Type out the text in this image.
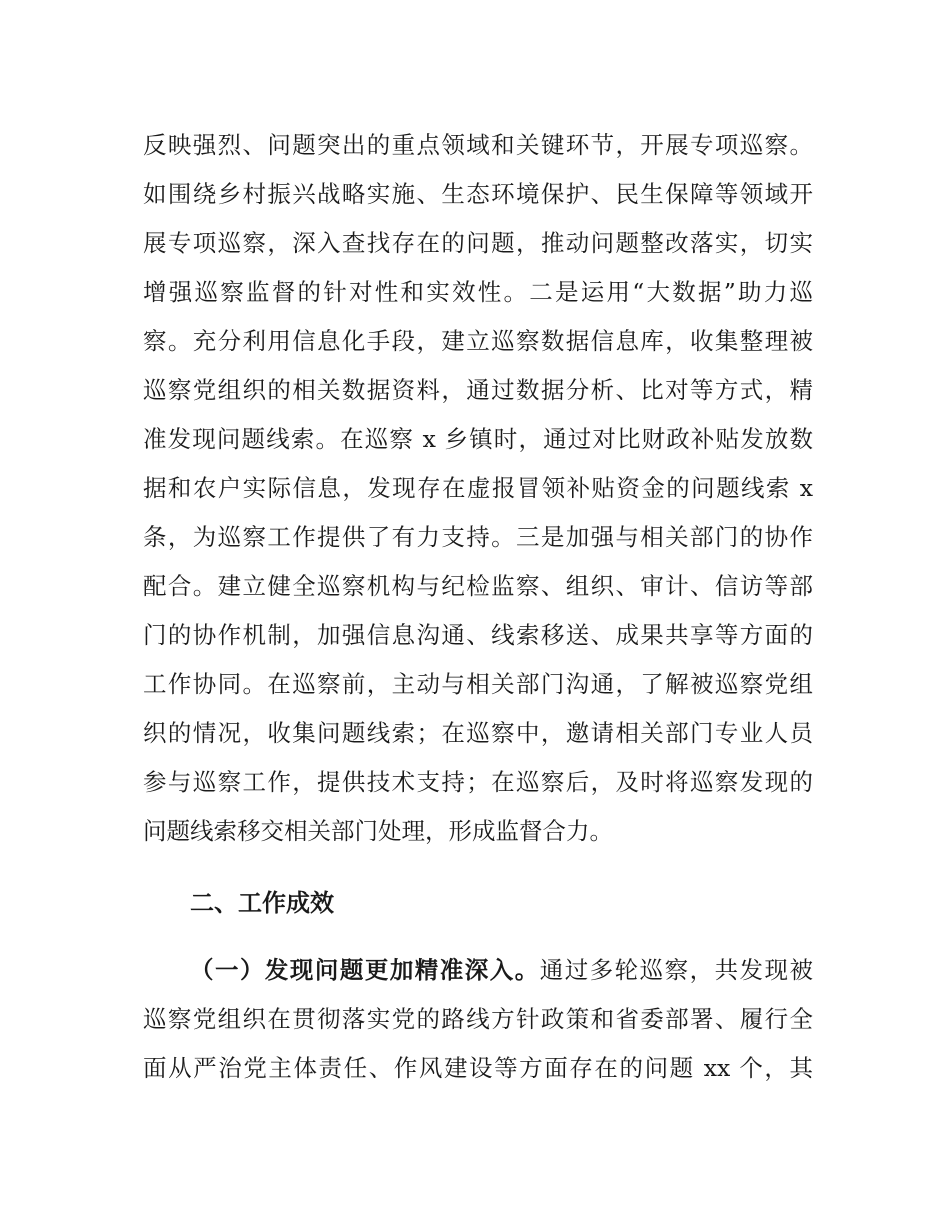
反映强烈、问题突出的重点领域和关键环节，开展专项巡察。
如围绕乡村振兴战略实施、生态环境保护、民生保障等领域开
展专项巡察，深入查找存在的问题，推动问题整改落实，切实
增强巡察监督的针对性和实效性。二是运用“大数据”助力巡
察。充分利用信息化手段，建立巡察数据信息库，收集整理被
巡察党组织的相关数据资料，通过数据分析、比对等方式，精
准发现问题线索。在巡察 x 乡镇时，通过对比财政补贴发放数
据和农户实际信息，发现存在虚报冒领补贴资金的问题线索 x
条，为巡察工作提供了有力支持。三是加强与相关部门的协作
配合。建立健全巡察机构与纪检监察、组织、审计、信访等部
门的协作机制，加强信息沟通、线索移送、成果共享等方面的
工作协同。在巡察前，主动与相关部门沟通，了解被巡察党组
织的情况，收集问题线索；在巡察中，邀请相关部门专业人员
参与巡察工作，提供技术支持；在巡察后，及时将巡察发现的
问题线索移交相关部门处理，形成监督合力。
二、工作成效
（一）发现问题更加精准深入。通过多轮巡察，共发现被
巡察党组织在贯彻落实党的路线方针政策和省委部署、履行全
面从严治党主体责任、作风建设等方面存在的问题 xx 个，其
